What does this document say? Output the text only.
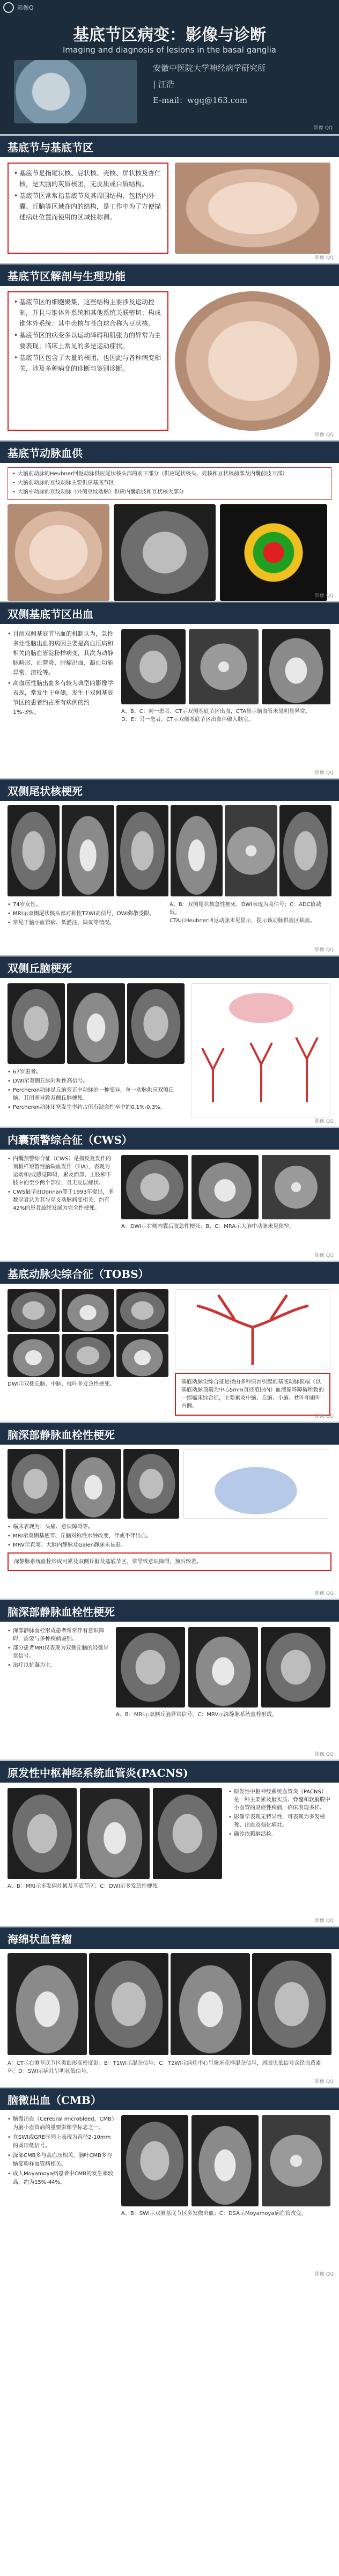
影像Q
基底节区病变：影像与诊断
Imaging and diagnosis of lesions in the basal ganglia
安徽中医院大学神经病学研究所
| 汪浩
E-mail：wgq@163.com
影像 QQ
基底节与基底节区
• 基底节是指尾状核、豆状核、壳核、屏状核及杏仁核，是大脑的灰质核团，无皮质或白质结构。
• 基底节区常常指基底节及其周围结构，包括内外囊、丘脑等区域在内的结构，是工作中为了方便描述病灶位置而使用的区域性称谓。
影像 QQ
基底节区解剖与生理功能
• 基底节区的细胞聚集，这些结构主要涉及运动控制，并且与锥体外系统和其他系统关联密切；构成锥体外系统：其中壳核与苍白球合称为豆状核。
• 基底节区的病变多以运动障碍和肌张力的异常为主要表现；临床上常见的多是运动症状。
• 基底节区包含了大量的核团，也因此与各种病变相关，涉及多种病变的诊断与鉴别诊断。
影像 QQ
基底节动脉血供
• 大脑前动脉的Heubner回返动脉供应尾状核头部的前下部分（供应尾状核头、壳核和豆状核前部及内囊前肢下部）
• 大脑前动脉的豆纹动脉主要供应基底节区
• 大脑中动脉的豆纹动脉（外侧豆纹动脉）供应内囊后肢和豆状核大部分
影像 QQ
双侧基底节区出血
• 目前双侧基底节出血的机制认为，急性多灶性脑出血的病因主要是高血压病和相关的脑血管淀粉样病变，其次为动静脉畸形、血管炎、肿瘤出血、凝血功能异常、溶栓等。
• 高血压性脑出血多有较为典型的影像学表现，常发生于单侧，发生于双侧基底节区的患者约占所有病例的约1%-3%。	A、B、C：同一患者，CT示双侧基底节区出血，CTA显示脑血管未见明显异常。
D、E：另一患者，CT示双侧基底节区出血伴破入脑室。
影像 QQ
双侧尾状核梗死
• 74岁女性。
• MRI示双侧尾状核头部对称性T2WI高信号，DWI弥散受限。
• 常见于脑小血管病、低灌注、缺氧等情况。
A、B：双侧尾状核急性梗死，DWI表现为高信号；C：ADC值减低。
CTA示Heubner回返动脉未见显示，提示该动脉供血区缺血。
影像 QQ
双侧丘脑梗死
• 67岁患者。
• DWI示双侧丘脑对称性高信号。
• Percheron动脉是丘脑旁正中动脉的一种变异，单一动脉供应双侧丘脑，其闭塞导致双侧丘脑梗死。
• Percheron动脉闭塞发生率约占所有缺血性卒中的0.1%-0.3%。
影像 QQ
内囊预警综合征（CWS）
• 内囊预警综合征（CWS）是指反复发作的刻板样短暂性脑缺血发作（TIA），表现为运动和/或感觉障碍，累及面部、上肢和下肢中的至少两个部位，且无皮层症状。
• CWS最早由Donnan等于1993年提出，多数学者认为其与穿支动脉病变相关，约有42%的患者最终发展为完全性梗死。
A：DWI示右侧内囊后肢急性梗死；B、C：MRA示大脑中动脉未见狭窄。
影像 QQ
基底动脉尖综合征（TOBS）
DWI示双侧丘脑、中脑、枕叶多发急性梗死。	基底动脉尖综合征是指由多种原因引起的基底动脉顶端（以基底动脉顶端为中心5mm直径范围内）血液循环障碍所致的一组临床综合征，主要累及中脑、丘脑、小脑、枕叶和颞叶内侧。
影像 QQ
脑深部静脉血栓性梗死
• 临床表现为：头痛、意识障碍等。
• MRI示双侧基底节、丘脑对称性水肿改变，伴或不伴出血。
• MRV示直窦、大脑内静脉及Galen静脉未显影。
深静脉系统血栓形成可累及双侧丘脑及基底节区，常导致意识障碍，预后较差。
影像 QQ
脑深部静脉血栓性梗死
• 深部静脉血栓形成患者常常伴有意识障碍，需要与多种疾病鉴别。
• 部分患者MRI仅表现为双侧丘脑的轻微异常信号。
• 治疗以抗凝为主。
A、B：MRI示双侧丘脑异常信号，C：MRV示深静脉系统血栓形成。
影像 QQ
原发性中枢神经系统血管炎(PACNS)
A、B：MRI示多发病灶累及基底节区；C：DWI示多发急性梗死。
• 原发性中枢神经系统血管炎（PACNS）是一种主要累及脑实质、脊髓和软脑膜中小血管的炎症性疾病，临床表现多样。
• 影像学表现无特异性，可表现为多发梗死、出血及强化病灶。
• 确诊依赖脑活检。
影像 QQ
海绵状血管瘤
A：CT示右侧基底节区类圆形高密度影；B：T1WI示混杂信号；C：T2WI示病灶中心呈爆米花样混杂信号，周围见低信号含铁血黄素环；D：SWI示病灶呈明显低信号。
影像 QQ
脑微出血（CMB）
• 脑微出血（Cerebral microbleed，CMB）为脑小血管病的重要影像学标志之一。
• 在SWI或GRE序列上表现为直径2-10mm的圆形低信号。
• 深部CMB多与高血压相关，脑叶CMB多与脑淀粉样血管病相关。
• 成人Moyamoya病患者中CMB的发生率较高，约为15%-44%。
A、B：SWI示双侧基底节区多发微出血；C：DSA示Moyamoya病血管改变。
影像 QQ
